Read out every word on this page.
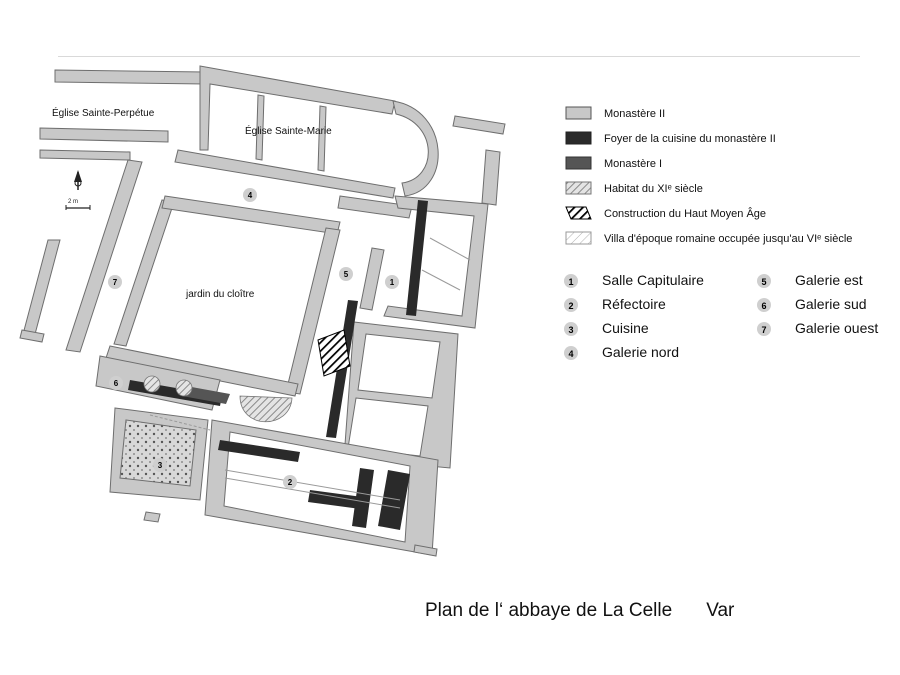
2 m
Église Sainte-Perpétue
Église Sainte-Marie
jardin du cloître
4
7
5
1
6
3
2
Monastère II
Foyer de la cuisine du monastère II
Monastère I
Habitat du XIᵉ siècle
Construction du Haut Moyen Âge
Villa d'époque romaine occupée jusqu'au VIᵉ siècle
1 Salle Capitulaire
2 Réfectoire
3 Cuisine
4 Galerie nord
5 Galerie est
6 Galerie sud
7 Galerie ouest
Plan de l‘ abbaye de La Celle Var
